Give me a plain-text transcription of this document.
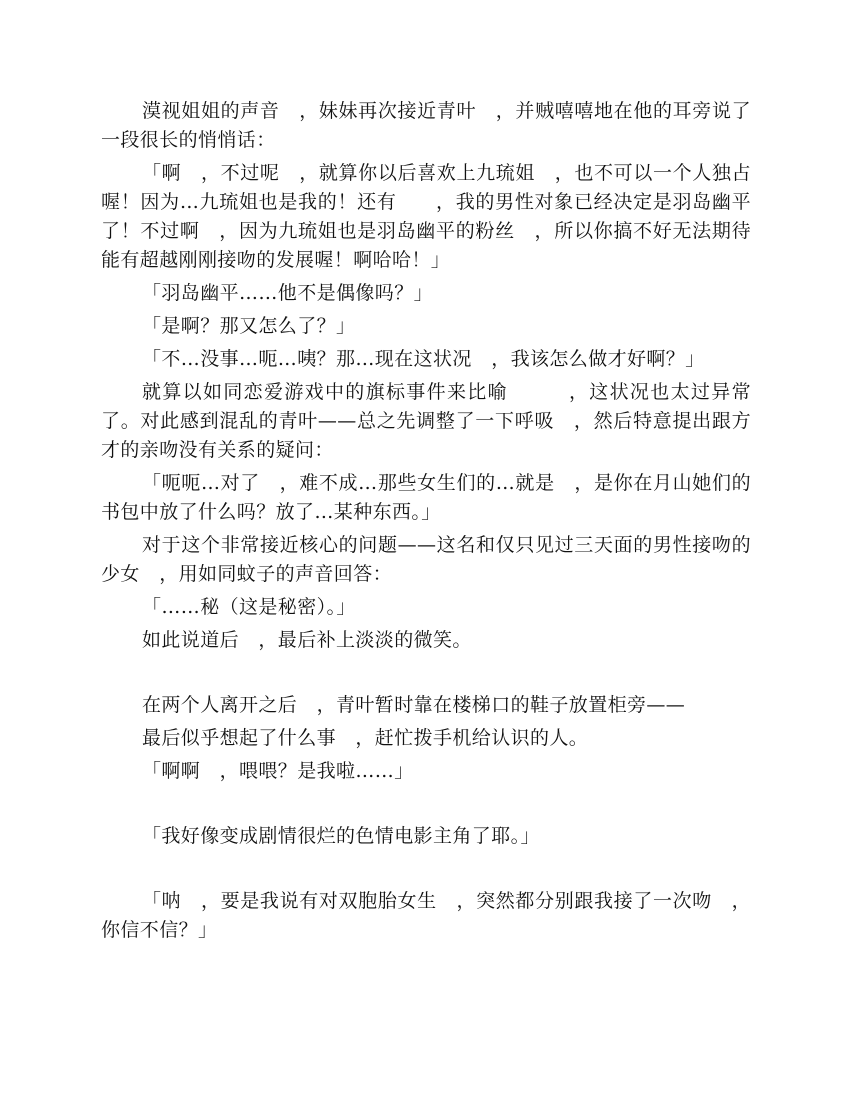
漠视姐姐的声音　，妹妹再次接近青叶　，并贼嘻嘻地在他的耳旁说了一段很长的悄悄话：

「啊　，不过呢　，就算你以后喜欢上九琉姐　，也不可以一个人独占喔！因为…九琉姐也是我的！还有　　，我的男性对象已经决定是羽岛幽平了！不过啊　，因为九琉姐也是羽岛幽平的粉丝　，所以你搞不好无法期待能有超越刚刚接吻的发展喔！啊哈哈！」

「羽岛幽平……他不是偶像吗？」

「是啊？那又怎么了？」

「不…没事…呃…咦？那…现在这状况　，我该怎么做才好啊？」

就算以如同恋爱游戏中的旗标事件来比喻　　　，这状况也太过异常了。对此感到混乱的青叶——总之先调整了一下呼吸　，然后特意提出跟方才的亲吻没有关系的疑问：

「呃呃…对了　，难不成…那些女生们的…就是　，是你在月山她们的书包中放了什么吗？放了…某种东西。」

对于这个非常接近核心的问题——这名和仅只见过三天面的男性接吻的少女　，用如同蚊子的声音回答：

「……秘（这是秘密）。」

如此说道后　，最后补上淡淡的微笑。

在两个人离开之后　，青叶暂时靠在楼梯口的鞋子放置柜旁——

最后似乎想起了什么事　，赶忙拨手机给认识的人。

「啊啊　，喂喂？是我啦……」

「我好像变成剧情很烂的色情电影主角了耶。」

「呐　，要是我说有对双胞胎女生　，突然都分别跟我接了一次吻　，你信不信？」
